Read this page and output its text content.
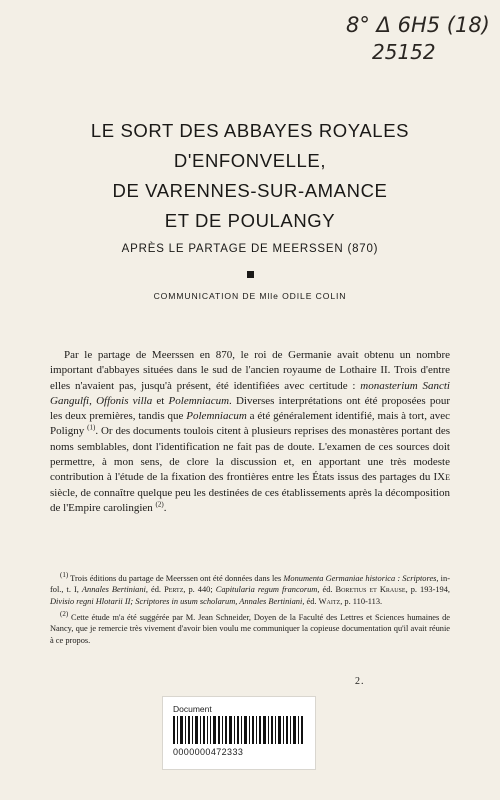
8° Δ 6H5 (18)
25152
LE SORT DES ABBAYES ROYALES
D'ENFONVELLE,
DE VARENNES-SUR-AMANCE
ET DE POULANGY
APRÈS LE PARTAGE DE MEERSSEN (870)
COMMUNICATION DE Mlle ODILE COLIN

Par le partage de Meerssen en 870, le roi de Germanie avait obtenu un nombre important d'abbayes situées dans le sud de l'ancien royaume de Lothaire II. Trois d'entre elles n'avaient pas, jusqu'à présent, été identifiées avec certitude : monasterium Sancti Gangulfi, Offonis villa et Polemniacum. Diverses interprétations ont été proposées pour les deux premières, tandis que Polemniacum a été généralement identifié, mais à tort, avec Poligny $^{(1)}$. Or des documents toulois citent à plusieurs reprises des monastères portant des noms semblables, dont l'identification ne fait pas de doute. L'examen de ces sources doit permettre, à mon sens, de clore la discussion et, en apportant une très modeste contribution à l'étude de la fixation des frontières entre les États issus des partages du IXe siècle, de connaître quelque peu les destinées de ces établissements après la décomposition de l'Empire carolingien $^{(2)}$.

$^{(1)}$ Trois éditions du partage de Meerssen ont été données dans les Monumenta Germaniae historica : Scriptores, in-fol., t. I, Annales Bertiniani, éd. Pertz, p. 440; Capitularia regum francorum, éd. Boretius et Krause, p. 193-194, Divisio regni Hlotarii II; Scriptores in usum scholarum, Annales Bertiniani, éd. Waitz, p. 110-113.

$^{(2)}$ Cette étude m'a été suggérée par M. Jean Schneider, Doyen de la Faculté des Lettres et Sciences humaines de Nancy, que je remercie très vivement d'avoir bien voulu me communiquer la copieuse documentation qu'il avait réunie à ce propos.

2.
Document
0000000472333
